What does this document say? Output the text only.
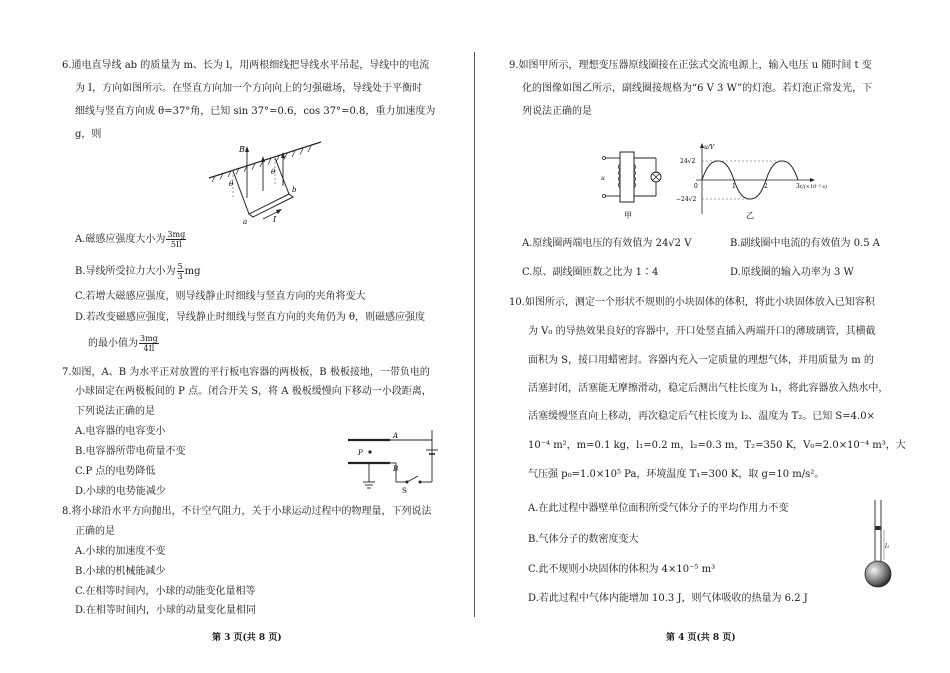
6.通电直导线 ab 的质量为 m、长为 l，用两根细线把导线水平吊起，导线中的电流
为 I，方向如图所示。在竖直方向加一个方向向上的匀强磁场，导线处于平衡时
细线与竖直方向成 θ=37°角，已知 sin 37°=0.6，cos 37°=0.8，重力加速度为
g，则
B
θ
θ
a
b
I
A.磁感应强度大小为 $\frac{3mg}{5Il}$
B.导线所受拉力大小为 $\frac{5}{3}$ mg
C.若增大磁感应强度，则导线静止时细线与竖直方向的夹角将变大
D.若改变磁感应强度，导线静止时细线与竖直方向的夹角仍为 θ，则磁感应强度
的最小值为 $\frac{3mg}{4Il}$
7.如图，A、B 为水平正对放置的平行板电容器的两极板，B 极板接地，一带负电的
小球固定在两极板间的 P 点。闭合开关 S，将 A 极板缓慢向下移动一小段距离，
下列说法正确的是
A.电容器的电容变小
B.电容器所带电荷量不变
C.P 点的电势降低
D.小球的电势能减少
A
P
B
S
8.将小球沿水平方向抛出，不计空气阻力，关于小球运动过程中的物理量，下列说法
正确的是
A.小球的加速度不变
B.小球的机械能减少
C.在相等时间内，小球的动能变化量相等
D.在相等时间内，小球的动量变化量相同
第 3 页(共 8 页)
9.如图甲所示，理想变压器原线圈接在正弦式交流电源上，输入电压 u 随时间 t 变
化的图像如图乙所示，副线圈接规格为“6 V 3 W”的灯泡。若灯泡正常发光，下
列说法正确的是
u
甲
u/V
24√2
−24√2
0	1	2	3 t/(×10⁻² s)
乙
A.原线圈两端电压的有效值为 24√2 V	B.副线圈中电流的有效值为 0.5 A
C.原、副线圈匝数之比为 1∶4	D.原线圈的输入功率为 3 W
10.如图所示，测定一个形状不规则的小块固体的体积，将此小块固体放入已知容积
为 V₀ 的导热效果良好的容器中，开口处竖直插入两端开口的薄玻璃管，其横截
面积为 S，接口用蜡密封。容器内充入一定质量的理想气体，并用质量为 m 的
活塞封闭，活塞能无摩擦滑动，稳定后测出气柱长度为 l₁，将此容器放入热水中，
活塞缓慢竖直向上移动，再次稳定后气柱长度为 l₂、温度为 T₂。已知 S=4.0×
10⁻⁴ m²，m=0.1 kg，l₁=0.2 m，l₂=0.3 m，T₂=350 K，V₀=2.0×10⁻⁴ m³，大
气压强 p₀=1.0×10⁵ Pa，环境温度 T₁=300 K，取 g=10 m/s²。
A.在此过程中器壁单位面积所受气体分子的平均作用力不变
B.气体分子的数密度变大
C.此不规则小块固体的体积为 4×10⁻⁵ m³
D.若此过程中气体内能增加 10.3 J，则气体吸收的热量为 6.2 J
l₁
第 4 页(共 8 页)
